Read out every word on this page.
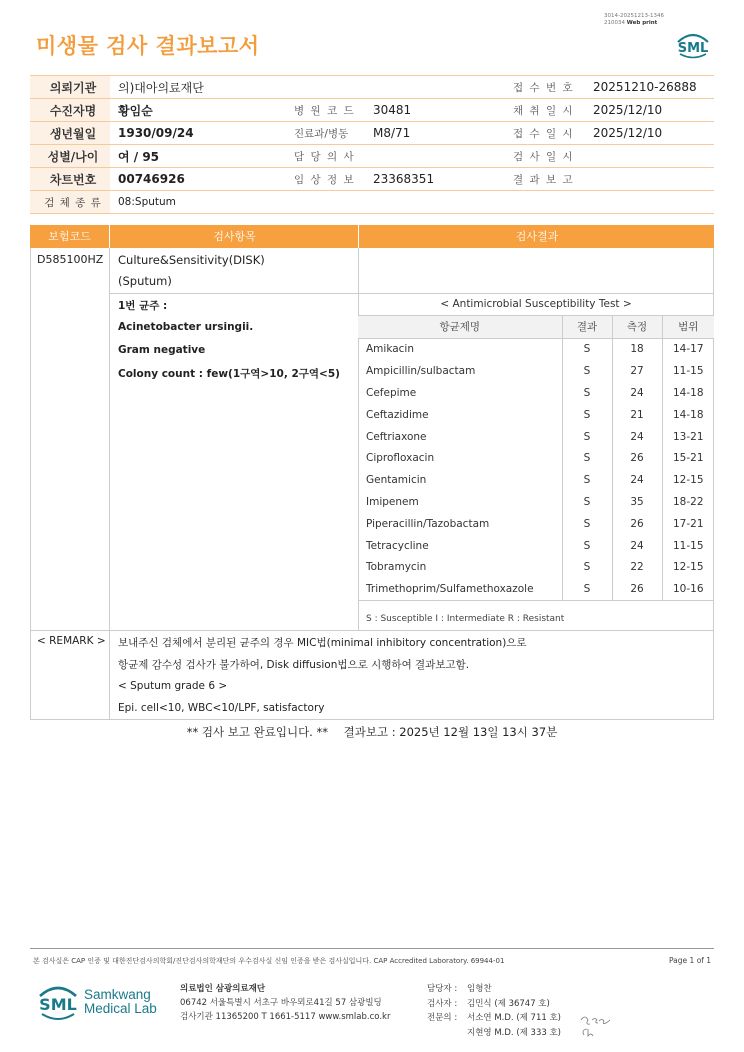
미생물 검사 결과보고서
3014-20251213-1346
210034 Web print
SML
의뢰기관	의)대아의료재단			접 수 번 호	20251210-26888
수진자명	황임순	병 원 코 드	30481	채 취 일 시	2025/12/10
생년월일	1930/09/24	진료과/병동	M8/71	접 수 일 시	2025/12/10
성별/나이	여 / 95	담 당 의 사		검 사 일 시	
차트번호	00746926	임 상 정 보	23368351	결 과 보 고	
검 체 종 류	08:Sputum				
보험코드	검사항목	검사결과
D585100HZ Culture&Sensitivity(DISK)
(Sputum)
1번 균주 :
Acinetobacter ursingii.
Gram negative
Colony count : few(1구역>10, 2구역<5)
< Antimicrobial Susceptibility Test >			
항균제명	결과	측정	범위
Amikacin	S	18	14-17
Ampicillin/sulbactam	S	27	11-15
Cefepime	S	24	14-18
Ceftazidime	S	21	14-18
Ceftriaxone	S	24	13-21
Ciprofloxacin	S	26	15-21
Gentamicin	S	24	12-15
Imipenem	S	35	18-22
Piperacillin/Tazobactam	S	26	17-21
Tetracycline	S	24	11-15
Tobramycin	S	22	12-15
Trimethoprim/Sulfamethoxazole	S	26	10-16
S : Susceptible I : Intermediate R : Resistant
< REMARK > 보내주신 검체에서 분리된 균주의 경우 MIC법(minimal inhibitory concentration)으로
항균제 감수성 검사가 불가하여, Disk diffusion법으로 시행하여 결과보고함.
< Sputum grade 6 >
Epi. cell<10, WBC<10/LPF, satisfactory
** 검사 보고 완료입니다. ** 결과보고 : 2025년 12월 13일 13시 37분
본 검사실은 CAP 인증 및 대한진단검사의학회/진단검사의학재단의 우수검사실 신임 인증을 받은 검사실입니다. CAP Accredited Laboratory. 69944-01	Page 1 of 1
SML
Samkwang
Medical Lab
의료법인 삼광의료재단
06742 서울특별시 서초구 바우뫼로41길 57 삼광빌딩
검사기관 11365200 T 1661-5117 www.smlab.co.kr
담당자 :	임형찬
검사자 :	김민식 (제 36747 호)
전문의 :	서소연 M.D. (제 711 호)
	지현영 M.D. (제 333 호)
